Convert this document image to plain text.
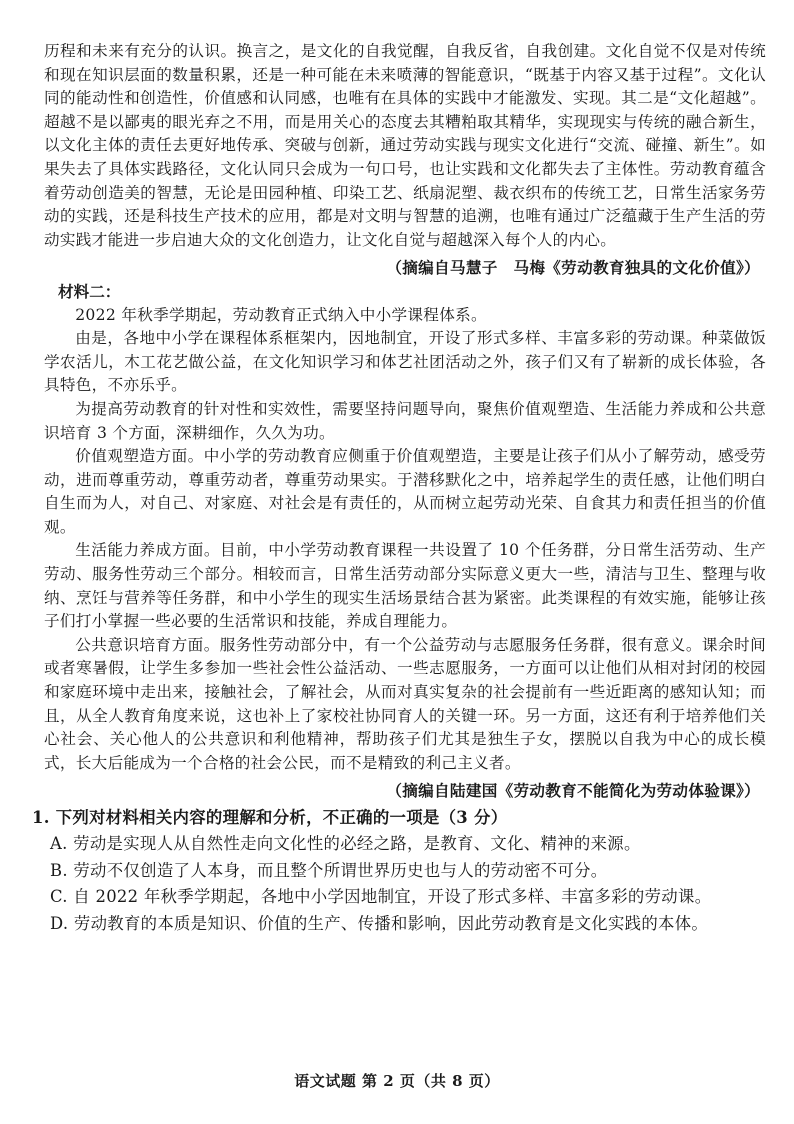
历程和未来有充分的认识。换言之，是文化的自我觉醒，自我反省，自我创建。文化自觉不仅是对传统和现在知识层面的数量积累，还是一种可能在未来喷薄的智能意识，“既基于内容又基于过程”。文化认同的能动性和创造性，价值感和认同感，也唯有在具体的实践中才能激发、实现。其二是“文化超越”。超越不是以鄙夷的眼光弃之不用，而是用关心的态度去其糟粕取其精华，实现现实与传统的融合新生，以文化主体的责任去更好地传承、突破与创新，通过劳动实践与现实文化进行“交流、碰撞、新生”。如果失去了具体实践路径，文化认同只会成为一句口号，也让实践和文化都失去了主体性。劳动教育蕴含着劳动创造美的智慧，无论是田园种植、印染工艺、纸扇泥塑、裁衣织布的传统工艺，日常生活家务劳动的实践，还是科技生产技术的应用，都是对文明与智慧的追溯，也唯有通过广泛蕴藏于生产生活的劳动实践才能进一步启迪大众的文化创造力，让文化自觉与超越深入每个人的内心。

（摘编自马慧子　马梅《劳动教育独具的文化价值》）

材料二：

2022 年秋季学期起，劳动教育正式纳入中小学课程体系。

由是，各地中小学在课程体系框架内，因地制宜，开设了形式多样、丰富多彩的劳动课。种菜做饭学农活儿，木工花艺做公益，在文化知识学习和体艺社团活动之外，孩子们又有了崭新的成长体验，各具特色，不亦乐乎。

为提高劳动教育的针对性和实效性，需要坚持问题导向，聚焦价值观塑造、生活能力养成和公共意识培育 3 个方面，深耕细作，久久为功。

价值观塑造方面。中小学的劳动教育应侧重于价值观塑造，主要是让孩子们从小了解劳动，感受劳动，进而尊重劳动，尊重劳动者，尊重劳动果实。于潜移默化之中，培养起学生的责任感，让他们明白自生而为人，对自己、对家庭、对社会是有责任的，从而树立起劳动光荣、自食其力和责任担当的价值观。

生活能力养成方面。目前，中小学劳动教育课程一共设置了 10 个任务群，分日常生活劳动、生产劳动、服务性劳动三个部分。相较而言，日常生活劳动部分实际意义更大一些，清洁与卫生、整理与收纳、烹饪与营养等任务群，和中小学生的现实生活场景结合甚为紧密。此类课程的有效实施，能够让孩子们打小掌握一些必要的生活常识和技能，养成自理能力。

公共意识培育方面。服务性劳动部分中，有一个公益劳动与志愿服务任务群，很有意义。课余时间或者寒暑假，让学生多参加一些社会性公益活动、一些志愿服务，一方面可以让他们从相对封闭的校园和家庭环境中走出来，接触社会，了解社会，从而对真实复杂的社会提前有一些近距离的感知认知；而且，从全人教育角度来说，这也补上了家校社协同育人的关键一环。另一方面，这还有利于培养他们关心社会、关心他人的公共意识和利他精神，帮助孩子们尤其是独生子女，摆脱以自我为中心的成长模式，长大后能成为一个合格的社会公民，而不是精致的利己主义者。

（摘编自陆建国《劳动教育不能简化为劳动体验课》）

1. 下列对材料相关内容的理解和分析，不正确的一项是（3 分）

A. 劳动是实现人从自然性走向文化性的必经之路，是教育、文化、精神的来源。

B. 劳动不仅创造了人本身，而且整个所谓世界历史也与人的劳动密不可分。

C. 自 2022 年秋季学期起，各地中小学因地制宜，开设了形式多样、丰富多彩的劳动课。

D. 劳动教育的本质是知识、价值的生产、传播和影响，因此劳动教育是文化实践的本体。

语文试题 第 2 页（共 8 页）
